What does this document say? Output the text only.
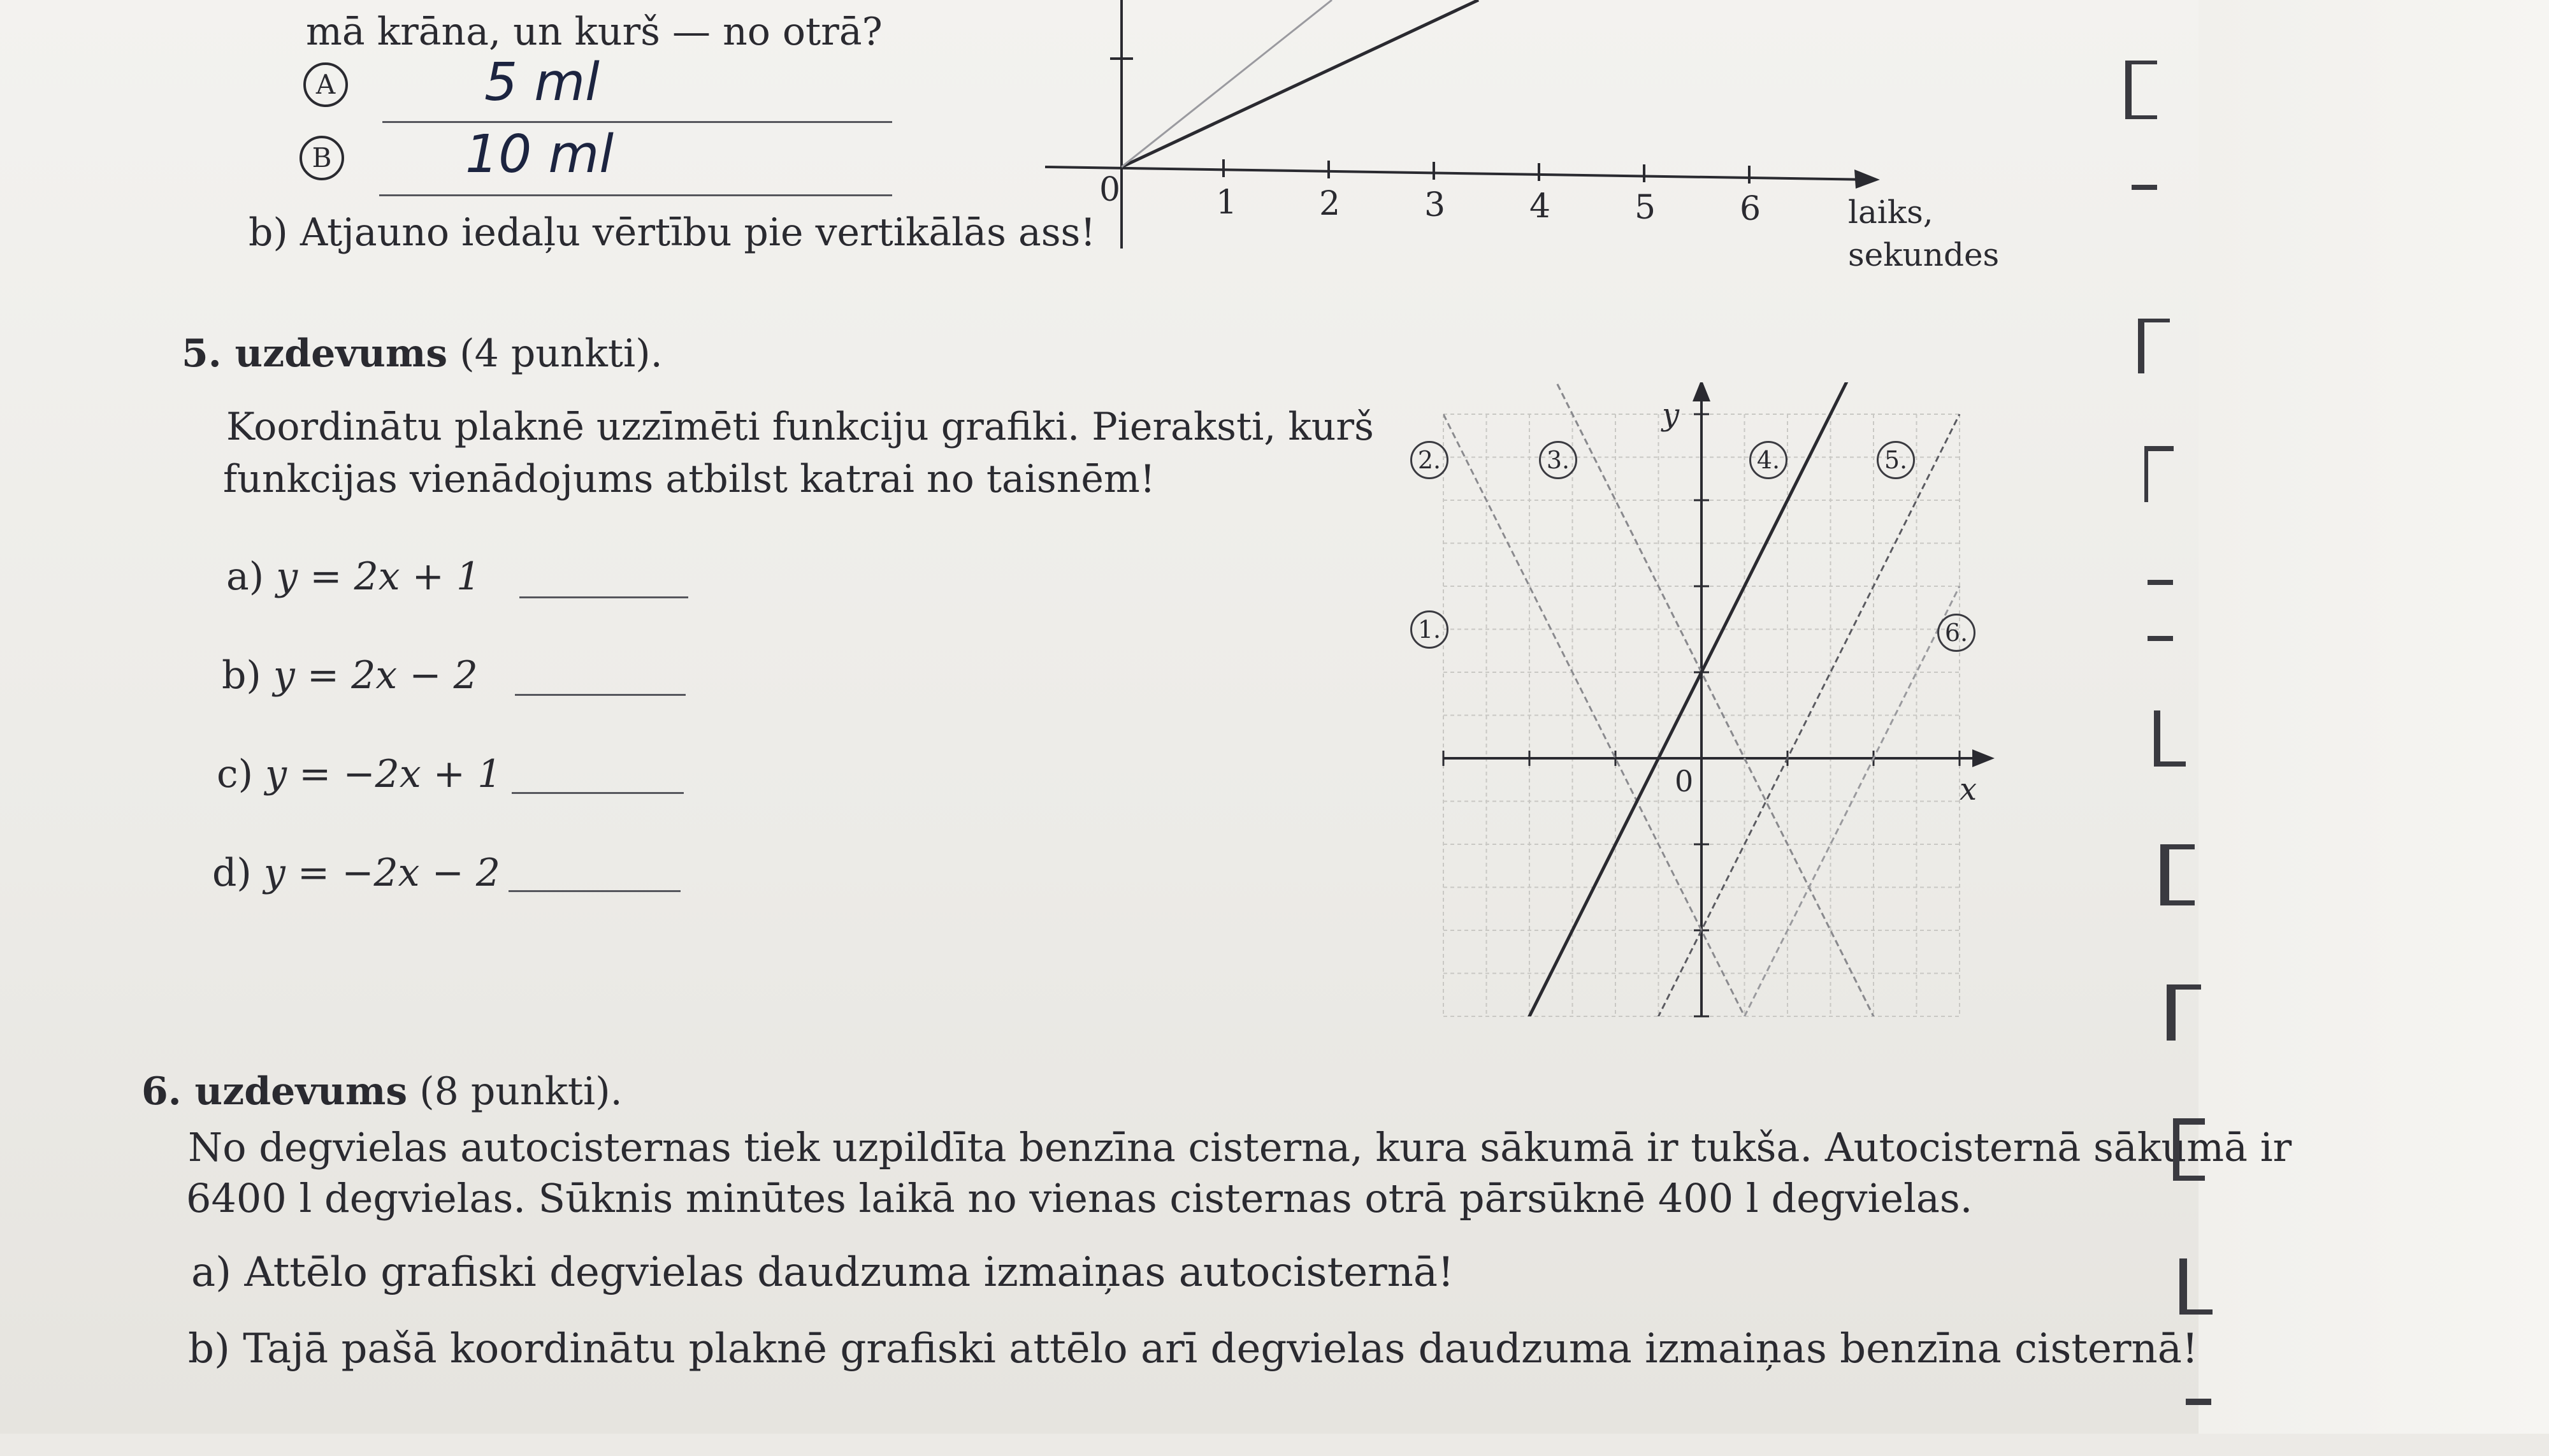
mā krāna, un kurš — no otrā?
A	5 ml
B	10 ml
b) Atjauno iedaļu vērtību pie vertikālās ass!
0	1 2	3	4	5	6	laiks,
sekundes
5. uzdevums (4 punkti).
Koordinātu plaknē uzzīmēti funkciju grafiki. Pieraksti, kurš
funkcijas vienādojums atbilst katrai no taisnēm!
a) y = 2x + 1
b) y = 2x − 2
c) y = −2x + 1
d) y = −2x − 2
x
y
0
2.	3.	4.	5.
1.	6.
6. uzdevums (8 punkti).
No degvielas autocisternas tiek uzpildīta benzīna cisterna, kura sākumā ir tukša. Autocisternā sākumā ir
6400 l degvielas. Sūknis minūtes laikā no vienas cisternas otrā pārsūknē 400 l degvielas.
a) Attēlo grafiski degvielas daudzuma izmaiņas autocisternā!
b) Tajā pašā koordinātu plaknē grafiski attēlo arī degvielas daudzuma izmaiņas benzīna cisternā!
